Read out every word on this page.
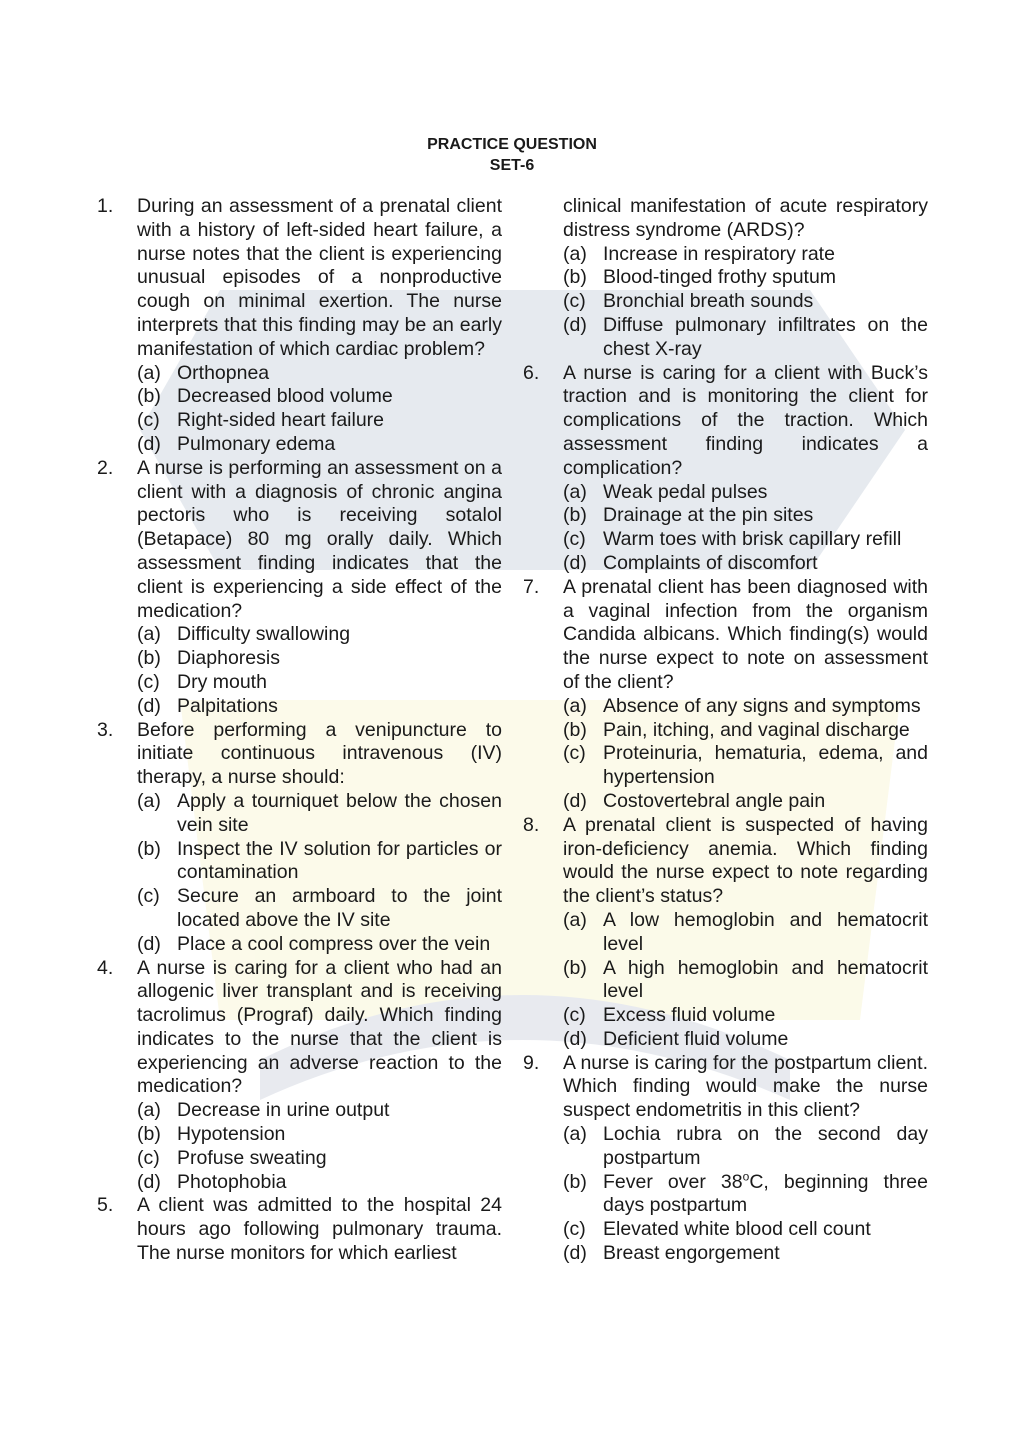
PRACTICE QUESTION
SET-6
1. During an assessment of a prenatal client with a history of left-sided heart failure, a nurse notes that the client is experiencing unusual episodes of a nonproductive cough on minimal exertion. The nurse interprets that this finding may be an early manifestation of which cardiac problem?

(a) Orthopnea
(b) Decreased blood volume
(c) Right-sided heart failure
(d) Pulmonary edema
2. A nurse is performing an assessment on a client with a diagnosis of chronic angina pectoris who is receiving sotalol (Betapace) 80 mg orally daily. Which assessment finding indicates that the client is experiencing a side effect of the medication?

(a) Difficulty swallowing
(b) Diaphoresis
(c) Dry mouth
(d) Palpitations
3. Before performing a venipuncture to initiate continuous intravenous (IV) therapy, a nurse should:

(a) Apply a tourniquet below the chosen vein site
(b) Inspect the IV solution for particles or contamination
(c) Secure an armboard to the joint located above the IV site
(d) Place a cool compress over the vein
4. A nurse is caring for a client who had an allogenic liver transplant and is receiving tacrolimus (Prograf) daily. Which finding indicates to the nurse that the client is experiencing an adverse reaction to the medication?

(a) Decrease in urine output
(b) Hypotension
(c) Profuse sweating
(d) Photophobia
5. A client was admitted to the hospital 24 hours ago following pulmonary trauma. The nurse monitors for which earliest

clinical manifestation of acute respiratory distress syndrome (ARDS)?

(a) Increase in respiratory rate
(b) Blood-tinged frothy sputum
(c) Bronchial breath sounds
(d) Diffuse pulmonary infiltrates on the chest X-ray
6. A nurse is caring for a client with Buck’s traction and is monitoring the client for complications of the traction. Which assessment finding indicates a complication?

(a) Weak pedal pulses
(b) Drainage at the pin sites
(c) Warm toes with brisk capillary refill
(d) Complaints of discomfort
7. A prenatal client has been diagnosed with a vaginal infection from the organism Candida albicans. Which finding(s) would the nurse expect to note on assessment of the client?

(a) Absence of any signs and symptoms
(b) Pain, itching, and vaginal discharge
(c) Proteinuria, hematuria, edema, and hypertension
(d) Costovertebral angle pain
8. A prenatal client is suspected of having iron-deficiency anemia. Which finding would the nurse expect to note regarding the client’s status?

(a) A low hemoglobin and hematocrit level
(b) A high hemoglobin and hematocrit level
(c) Excess fluid volume
(d) Deficient fluid volume
9. A nurse is caring for the postpartum client. Which finding would make the nurse suspect endometritis in this client?

(a) Lochia rubra on the second day postpartum
(b) Fever over 38$^o$C, beginning three days postpartum
(c) Elevated white blood cell count
(d) Breast engorgement
